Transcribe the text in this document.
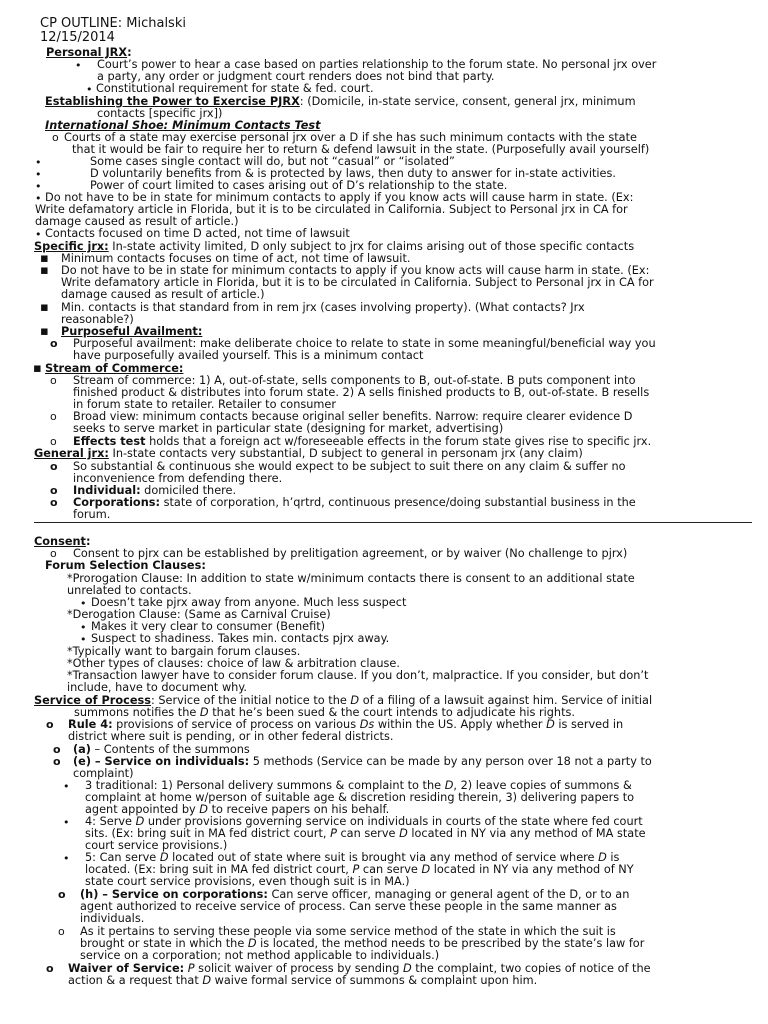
CP OUTLINE: Michalski
12/15/2014
Personal JRX:
• Court’s power to hear a case based on parties relationship to the forum state. No personal jrx over
a party, any order or judgment court renders does not bind that party.
• Constitutional requirement for state & fed. court.
Establishing the Power to Exercise PJRX: (Domicile, in-state service, consent, general jrx, minimum
contacts [specific jrx])
International Shoe: Minimum Contacts Test
o Courts of a state may exercise personal jrx over a D if she has such minimum contacts with the state
that it would be fair to require her to return & defend lawsuit in the state. (Purposefully avail yourself)
•	Some cases single contact will do, but not “casual” or “isolated”
•	D voluntarily benefits from & is protected by laws, then duty to answer for in-state activities.
•	Power of court limited to cases arising out of D’s relationship to the state.
• Do not have to be in state for minimum contacts to apply if you know acts will cause harm in state. (Ex:
Write defamatory article in Florida, but it is to be circulated in California. Subject to Personal jrx in CA for
damage caused as result of article.)
• Contacts focused on time D acted, not time of lawsuit
Specific jrx: In-state activity limited, D only subject to jrx for claims arising out of those specific contacts
▪ Minimum contacts focuses on time of act, not time of lawsuit.
▪ Do not have to be in state for minimum contacts to apply if you know acts will cause harm in state. (Ex:
Write defamatory article in Florida, but it is to be circulated in California. Subject to Personal jrx in CA for
damage caused as result of article.)
▪ Min. contacts is that standard from in rem jrx (cases involving property). (What contacts? Jrx
reasonable?)
▪ Purposeful Availment:
o Purposeful availment: make deliberate choice to relate to state in some meaningful/beneficial way you
have purposefully availed yourself. This is a minimum contact
▪ Stream of Commerce:
o Stream of commerce: 1) A, out-of-state, sells components to B, out-of-state. B puts component into
finished product & distributes into forum state. 2) A sells finished products to B, out-of-state. B resells
in forum state to retailer. Retailer to consumer
o Broad view: minimum contacts because original seller benefits. Narrow: require clearer evidence D
seeks to serve market in particular state (designing for market, advertising)
o Effects test holds that a foreign act w/foreseeable effects in the forum state gives rise to specific jrx.
General jrx: In-state contacts very substantial, D subject to general in personam jrx (any claim)
o So substantial & continuous she would expect to be subject to suit there on any claim & suffer no
inconvenience from defending there.
o Individual: domiciled there.
o Corporations: state of corporation, h’qrtrd, continuous presence/doing substantial business in the
forum.
Consent:
o Consent to pjrx can be established by prelitigation agreement, or by waiver (No challenge to pjrx)
Forum Selection Clauses:
*Prorogation Clause: In addition to state w/minimum contacts there is consent to an additional state
unrelated to contacts.
• Doesn’t take pjrx away from anyone. Much less suspect
*Derogation Clause: (Same as Carnival Cruise)
• Makes it very clear to consumer (Benefit)
• Suspect to shadiness. Takes min. contacts pjrx away.
*Typically want to bargain forum clauses.
*Other types of clauses: choice of law & arbitration clause.
*Transaction lawyer have to consider forum clause. If you don’t, malpractice. If you consider, but don’t
include, have to document why.
Service of Process: Service of the initial notice to the D of a filing of a lawsuit against him. Service of initial
summons notifies the D that he’s been sued & the court intends to adjudicate his rights.
o Rule 4: provisions of service of process on various Ds within the US. Apply whether D is served in
district where suit is pending, or in other federal districts.
o (a) – Contents of the summons
o (e) – Service on individuals: 5 methods (Service can be made by any person over 18 not a party to
complaint)
• 3 traditional: 1) Personal delivery summons & complaint to the D, 2) leave copies of summons &
complaint at home w/person of suitable age & discretion residing therein, 3) delivering papers to
agent appointed by D to receive papers on his behalf.
• 4: Serve D under provisions governing service on individuals in courts of the state where fed court
sits. (Ex: bring suit in MA fed district court, P can serve D located in NY via any method of MA state
court service provisions.)
• 5: Can serve D located out of state where suit is brought via any method of service where D is
located. (Ex: bring suit in MA fed district court, P can serve D located in NY via any method of NY
state court service provisions, even though suit is in MA.)
o (h) – Service on corporations: Can serve officer, managing or general agent of the D, or to an
agent authorized to receive service of process. Can serve these people in the same manner as
individuals.
o As it pertains to serving these people via some service method of the state in which the suit is
brought or state in which the D is located, the method needs to be prescribed by the state’s law for
service on a corporation; not method applicable to individuals.)
o Waiver of Service: P solicit waiver of process by sending D the complaint, two copies of notice of the
action & a request that D waive formal service of summons & complaint upon him.
